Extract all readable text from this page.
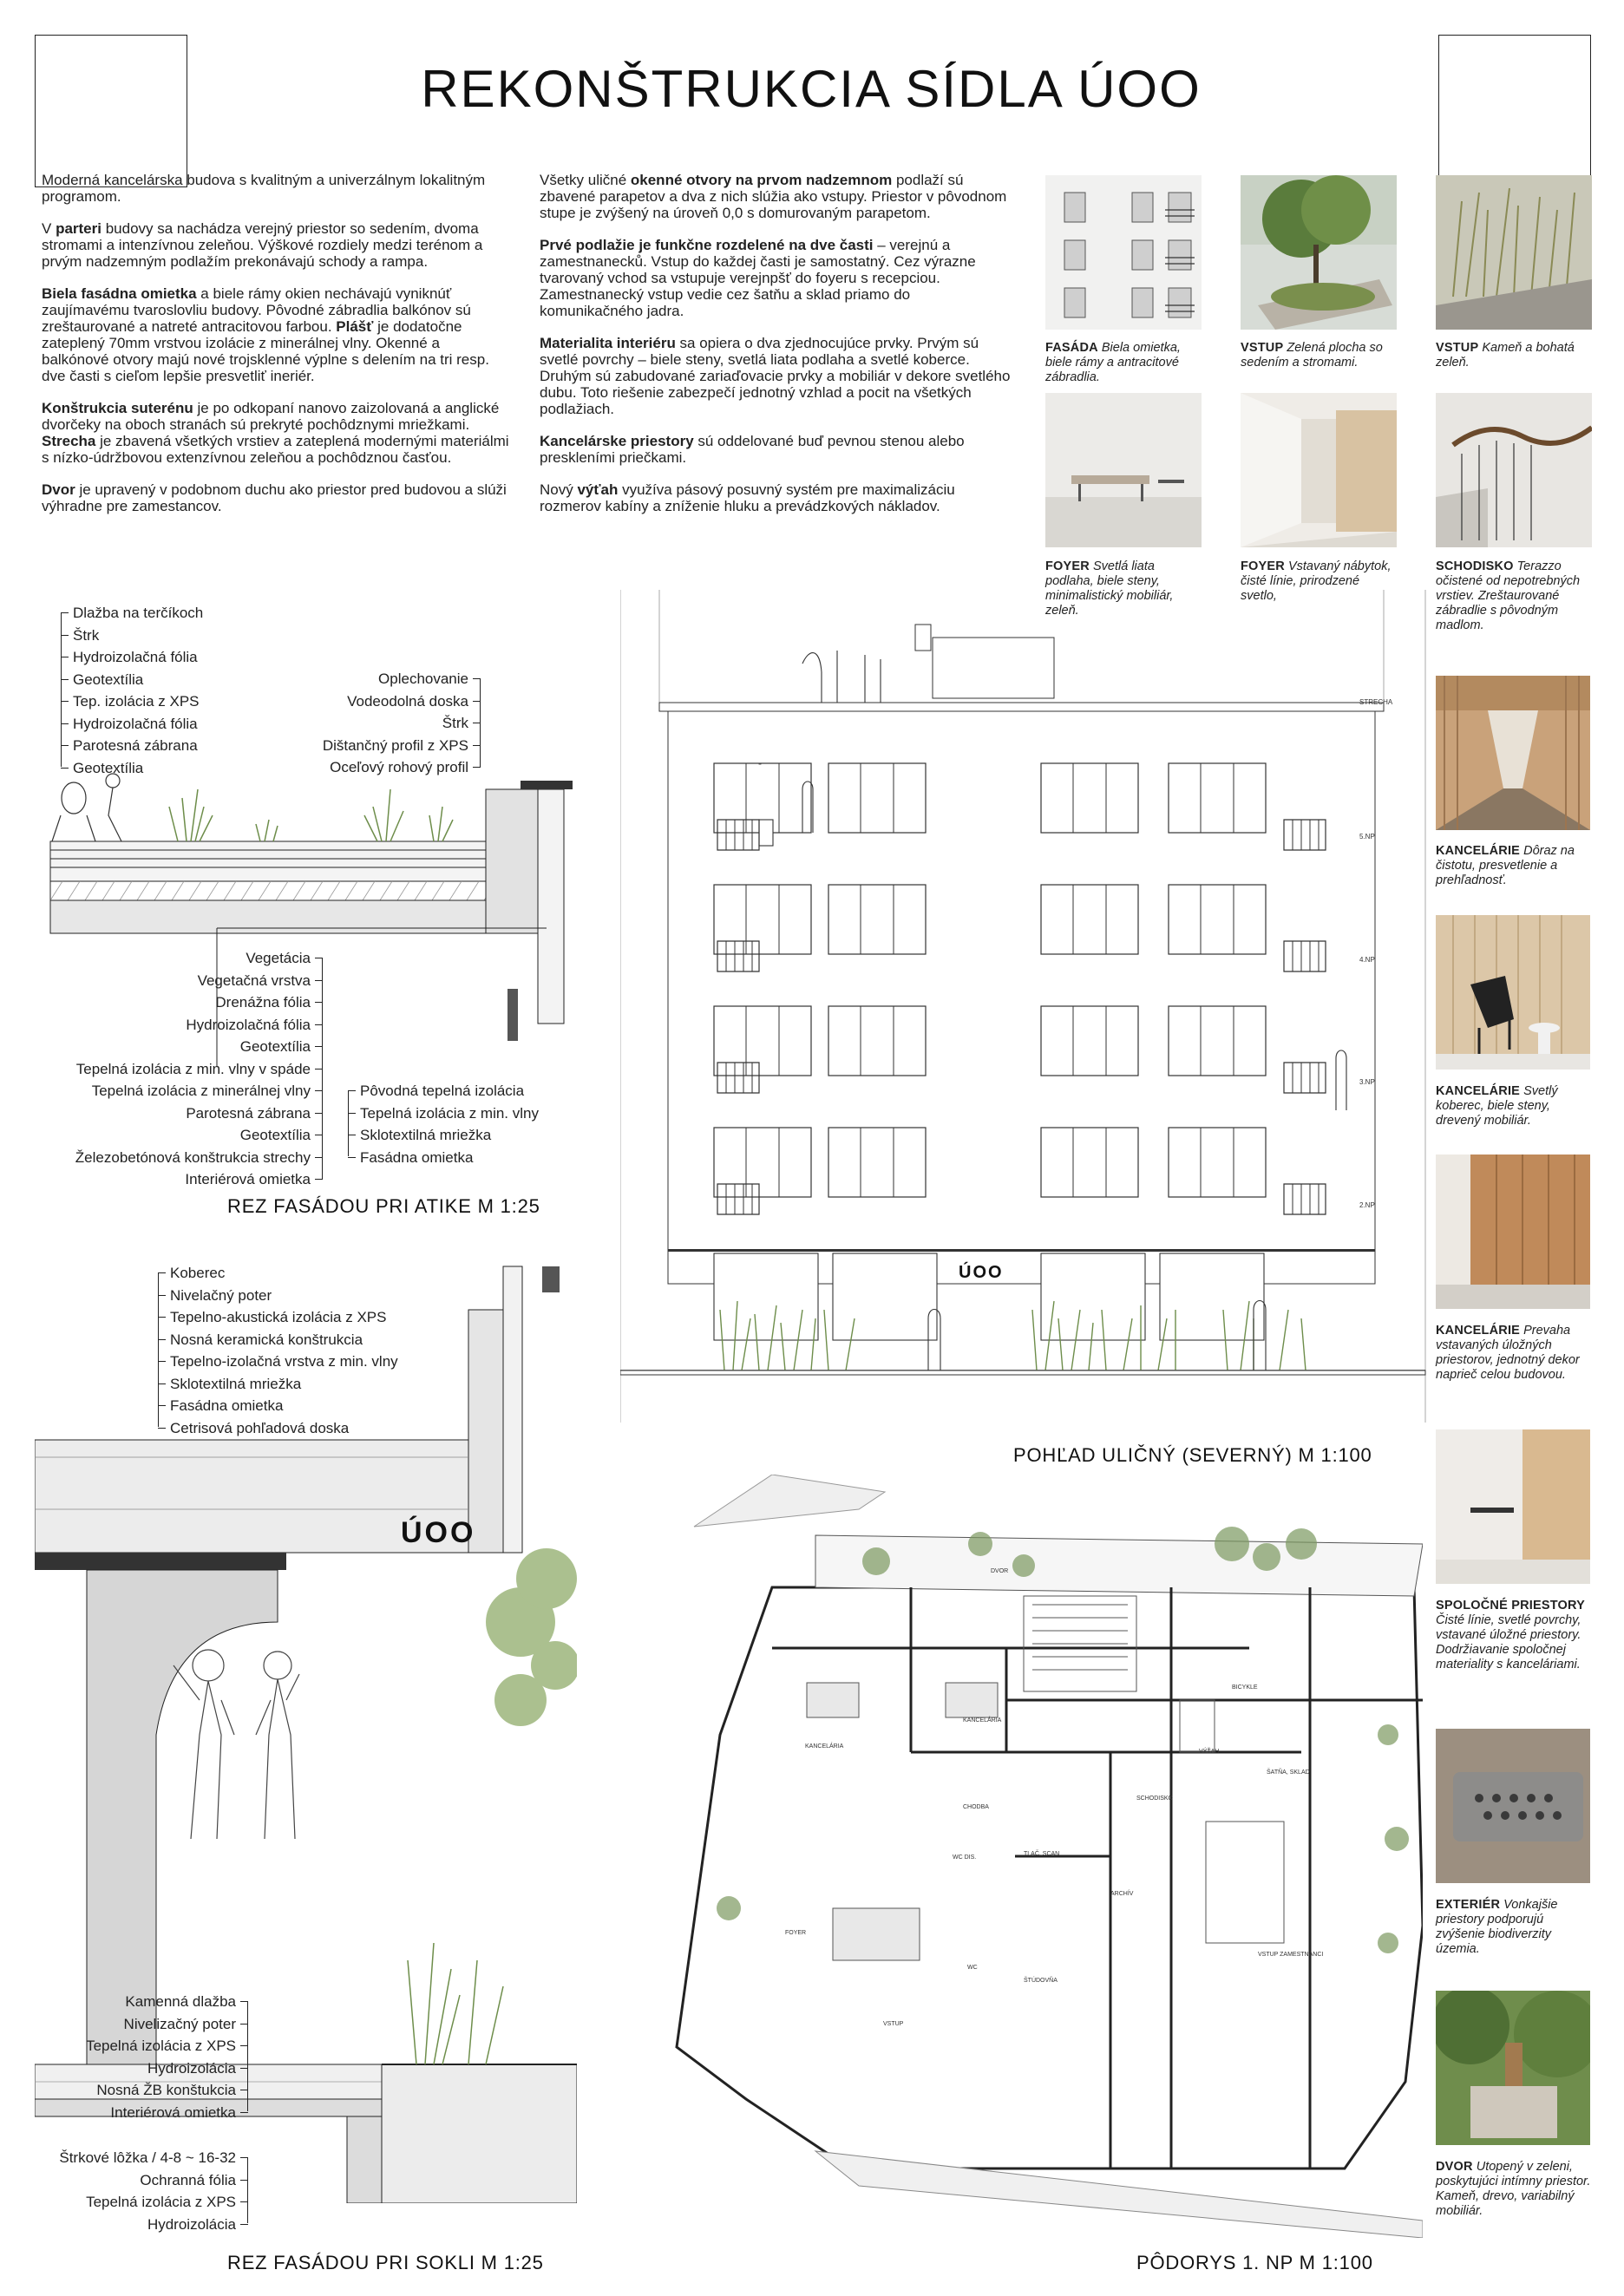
REKONŠTRUKCIA SÍDLA ÚOO

Moderná kancelárska budova s kvalitným a univerzálnym lokalitným programom.

V parteri budovy sa nachádza verejný priestor so sedením, dvoma stromami a intenzívnou zeleňou. Výškové rozdiely medzi terénom a prvým nadzemným podlažím prekonávajú schody a rampa.

Biela fasádna omietka a biele rámy okien nechávajú vyniknúť zaujímavému tvaroslovliu budovy. Pôvodné zábradlia balkónov sú zreštaurované a natreté antracitovou farbou. Plášť je dodatočne zateplený 70mm vrstvou izolácie z minerálnej vlny. Okenné a balkónové otvory majú nové trojsklenné výplne s delením na tri resp. dve časti s cieľom lepšie presvetliť ineriér.

Konštrukcia suterénu je po odkopaní nanovo zaizolovaná a anglické dvorčeky na oboch stranách sú prekryté pochôdznymi mriežkami. Strecha je zbavená všetkých vrstiev a zateplená modernými materiálmi s nízko-údržbovou extenzívnou zeleňou a pochôdznou časťou.

Dvor je upravený v podobnom duchu ako priestor pred budovou a slúži výhradne pre zamestancov.

Všetky uličné okenné otvory na prvom nadzemnom podlaží sú zbavené parapetov a dva z nich slúžia ako vstupy. Priestor v pôvodnom stupe je zvýšený na úroveň 0,0 s domurovaným parapetom.

Prvé podlažie je funkčne rozdelené na dve časti – verejnú a zamestnanecků. Vstup do každej časti je samostatný. Cez výrazne tvarovaný vchod sa vstupuje verejnpšť do foyeru s recepciou. Zamestnanecký vstup vedie cez šatňu a sklad priamo do komunikačného jadra.

Materialita interiéru sa opiera o dva zjednocujúce prvky. Prvým sú svetlé povrchy – biele steny, svetlá liata podlaha a svetlé koberce. Druhým sú zabudované zariaďovacie prvky a mobiliár v dekore svetlého dubu. Toto riešenie zabezpečí jednotný vzhlad a pocit na všetkých podlažiach.

Kancelárske priestory sú oddelované buď pevnou stenou alebo preskleními priečkami.

Nový výťah využíva pásový posuvný systém pre maximalizáciu rozmerov kabíny a zníženie hluku a prevádzkových nákladov.

FASÁDA Biela omietka, biele rámy a antracitové zábradlia.
VSTUP Zelená plocha so sedením a stromami.
VSTUP Kameň a bohatá zeleň.
FOYER Svetlá liata podlaha, biele steny, minimalistický mobiliár, zeleň.
FOYER Vstavaný nábytok, čisté línie, prirodzené svetlo,
SCHODISKO Terazzo očistené od nepotrebných vrstiev. Zreštaurované zábradlie s pôvodným madlom.
KANCELÁRIE Dôraz na čistotu, presvetlenie a prehľadnosť.
KANCELÁRIE Svetlý koberec, biele steny, drevený mobiliár.
KANCELÁRIE Prevaha vstavaných úložných priestorov, jednotný dekor naprieč celou budovou.
SPOLOČNÉ PRIESTORY Čisté línie, svetlé povrchy, vstavané úložné priestory. Dodržiavanie spoločnej materiality s kanceláriami.
EXTERIÉR Vonkajšie priestory podporujú zvýšenie biodiverzity územia.
DVOR Utopený v zeleni, poskytujúci intímny priestor. Kameň, drevo, variabilný mobiliár.
Dlažba na terčíkoch
Štrk
Hydroizolačná fólia
Geotextília
Tep. izolácia z XPS
Hydroizolačná fólia
Parotesná zábrana
Geotextília
Oplechovanie
Vodeodolná doska
Štrk
Dištančný profil z XPS
Oceľový rohový profil
Vegetácia
Vegetačná vrstva
Drenážna fólia
Hydroizolačná fólia
Geotextília
Tepelná izolácia z min. vlny v spáde
Tepelná izolácia z minerálnej vlny
Parotesná zábrana
Geotextília
Železobetónová konštrukcia strechy
Interiérová omietka
Pôvodná tepelná izolácia
Tepelná izolácia z min. vlny
Sklotextilná mriežka
Fasádna omietka
REZ FASÁDOU PRI ATIKE M 1:25
Koberec
Nivelačný poter
Tepelno-akustická izolácia z XPS
Nosná keramická konštrukcia
Tepelno-izolačná vrstva z min. vlny
Sklotextilná mriežka
Fasádna omietka
Cetrisová pohľadová doska
ÚOO
Kamenná dlažba
Nivelizačný poter
Tepelná izolácia z XPS
Hydroizolácia
Nosná ŽB konštukcia
Interiérová omietka
Štrkové lôžka / 4-8 ~ 16-32
Ochranná fólia
Tepelná izolácia z XPS
Hydroizolácia
REZ FASÁDOU PRI SOKLI M 1:25
STRECHA
5.NP
4.NP
3.NP
2.NP
ÚOO
POHĽAD ULIČNÝ (SEVERNÝ) M 1:100
KANCELÁRIA
KANCELÁRIA
CHODBA
FOYER
WC
WC DIS.
TLAČ, SCAN
SCHODISKO
VÝŤAH
BICYKLE
ŠATŇA, SKLAD
ARCHÍV
ŠTÚDOVŇA
VSTUP
VSTUP ZAMESTNANCI
DVOR
PÔDORYS 1. NP M 1:100
